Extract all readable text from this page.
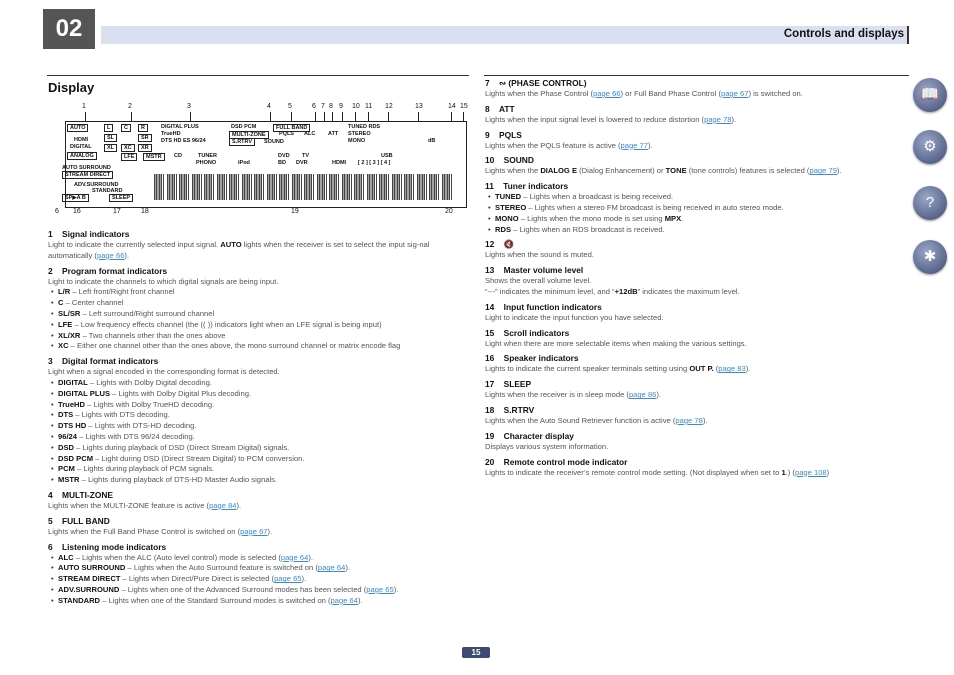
02	Controls and displays
Display	📖
⚙
?
✱
1	2	3	4 5	6 7 8 9 10 11 12	13	14 15
AUTO
HDMI
DIGITAL
ANALOG
L	C	R
SL	SR
XL	XC	XR
LFE	MSTR
DIGITAL PLUS
TrueHD
DTS HD ES 96/24
DSD PCM
MULTI-ZONE
S.RTRV
FULL BAND
PQLS ALC ATT
SOUND
TUNED RDS
STEREO
MONO	dB
CD	TUNER	DVD TV	USB
PHONO	iPod	BD DVR	HDMI [ 2 ] [ 3 ] [ 4 ]
AUTO SURROUND
STREAM DIRECT
ADV.SURROUND
STANDARD
SP▶A B	SLEEP
6 16	17	18	19	20
1 Signal indicators

Light to indicate the currently selected input signal. AUTO lights when the receiver is set to select the input sig-nal automatically (page 66).

2 Program format indicators

Light to indicate the channels to which digital signals are being input.

• L/R – Left front/Right front channel
• C – Center channel
• SL/SR – Left surround/Right surround channel
• LFE – Low frequency effects channel (the (( )) indicators light when an LFE signal is being input)
• XL/XR – Two channels other than the ones above
• XC – Either one channel other than the ones above, the mono surround channel or matrix encode flag
3 Digital format indicators

Light when a signal encoded in the corresponding format is detected.

• DIGITAL – Lights with Dolby Digital decoding.
• DIGITAL PLUS – Lights with Dolby Digital Plus decoding.
• TrueHD – Lights with Dolby TrueHD decoding.
• DTS – Lights with DTS decoding.
• DTS HD – Lights with DTS-HD decoding.
• 96/24 – Lights with DTS 96/24 decoding.
• DSD – Lights during playback of DSD (Direct Stream Digital) signals.
• DSD PCM – Light during DSD (Direct Stream Digital) to PCM conversion.
• PCM – Lights during playback of PCM signals.
• MSTR – Lights during playback of DTS-HD Master Audio signals.
4 MULTI-ZONE

Lights when the MULTI-ZONE feature is active (page 84).

5 FULL BAND

Lights when the Full Band Phase Control is switched on (page 67).

6 Listening mode indicators
• ALC – Lights when the ALC (Auto level control) mode is selected (page 64).
• AUTO SURROUND – Lights when the Auto Surround feature is switched on (page 64).
• STREAM DIRECT – Lights when Direct/Pure Direct is selected (page 65).
• ADV.SURROUND – Lights when one of the Advanced Surround modes has been selected (page 65).
• STANDARD – Lights when one of the Standard Surround modes is switched on (page 64).
7 ∾ (PHASE CONTROL)

Lights when the Phase Control (page 66) or Full Band Phase Control (page 67) is switched on.

8 ATT

Lights when the input signal level is lowered to reduce distortion (page 78).

9 PQLS

Lights when the PQLS feature is active (page 77).

10 SOUND

Lights when the DIALOG E (Dialog Enhancement) or TONE (tone controls) features is selected (page 79).

11 Tuner indicators
• TUNED – Lights when a broadcast is being received.
• STEREO – Lights when a stereo FM broadcast is being received in auto stereo mode.
• MONO – Lights when the mono mode is set using MPX.
• RDS – Lights when an RDS broadcast is received.
12 🔇

Lights when the sound is muted.

13 Master volume level

Shows the overall volume level.
“---” indicates the minimum level, and “+12dB” indicates the maximum level.

14 Input function indicators

Light to indicate the input function you have selected.

15 Scroll indicators

Light when there are more selectable items when making the various settings.

16 Speaker indicators

Lights to indicate the current speaker terminals setting using OUT P. (page 83).

17 SLEEP

Lights when the receiver is in sleep mode (page 86).

18 S.RTRV

Lights when the Auto Sound Retriever function is active (page 78).

19 Character display

Displays various system information.

20 Remote control mode indicator

Lights to indicate the receiver’s remote control mode setting. (Not displayed when set to 1.) (page 108)

15
